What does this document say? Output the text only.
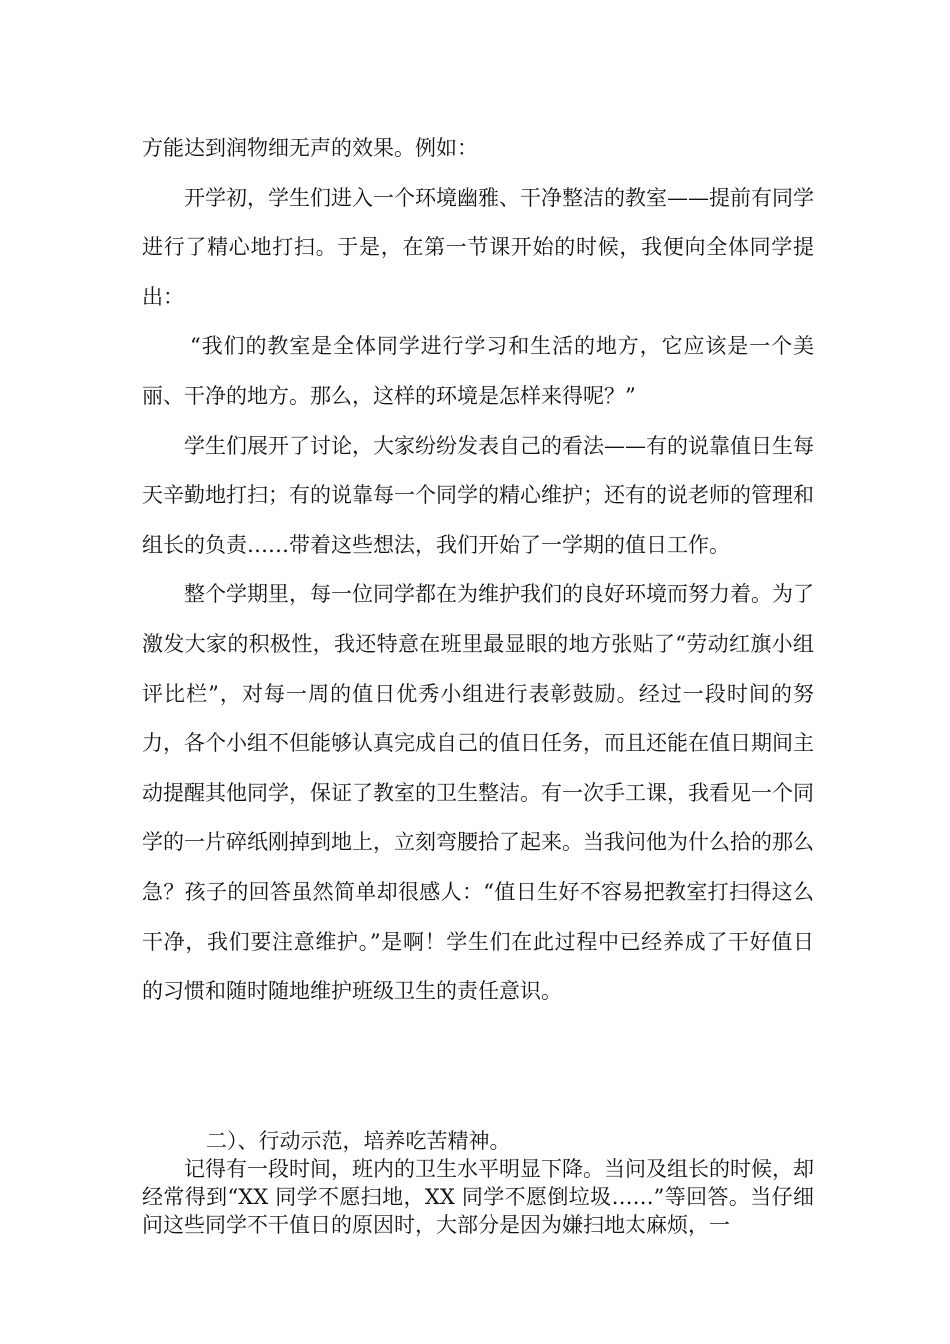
方能达到润物细无声的效果。例如：

开学初，学生们进入一个环境幽雅、干净整洁的教室——提前有同学进行了精心地打扫。于是，在第一节课开始的时候，我便向全体同学提出：

“我们的教室是全体同学进行学习和生活的地方，它应该是一个美丽、干净的地方。那么，这样的环境是怎样来得呢？”

学生们展开了讨论，大家纷纷发表自己的看法——有的说靠值日生每天辛勤地打扫；有的说靠每一个同学的精心维护；还有的说老师的管理和组长的负责……带着这些想法，我们开始了一学期的值日工作。

整个学期里，每一位同学都在为维护我们的良好环境而努力着。为了激发大家的积极性，我还特意在班里最显眼的地方张贴了“劳动红旗小组评比栏”，对每一周的值日优秀小组进行表彰鼓励。经过一段时间的努力，各个小组不但能够认真完成自己的值日任务，而且还能在值日期间主动提醒其他同学，保证了教室的卫生整洁。有一次手工课，我看见一个同学的一片碎纸刚掉到地上，立刻弯腰拾了起来。当我问他为什么拾的那么急？孩子的回答虽然简单却很感人：“值日生好不容易把教室打扫得这么干净，我们要注意维护。”是啊！学生们在此过程中已经养成了干好值日的习惯和随时随地维护班级卫生的责任意识。

二）、行动示范，培养吃苦精神。

记得有一段时间，班内的卫生水平明显下降。当问及组长的时候，却经常得到“XX 同学不愿扫地，XX 同学不愿倒垃圾……”等回答。当仔细问这些同学不干值日的原因时，大部分是因为嫌扫地太麻烦，一
